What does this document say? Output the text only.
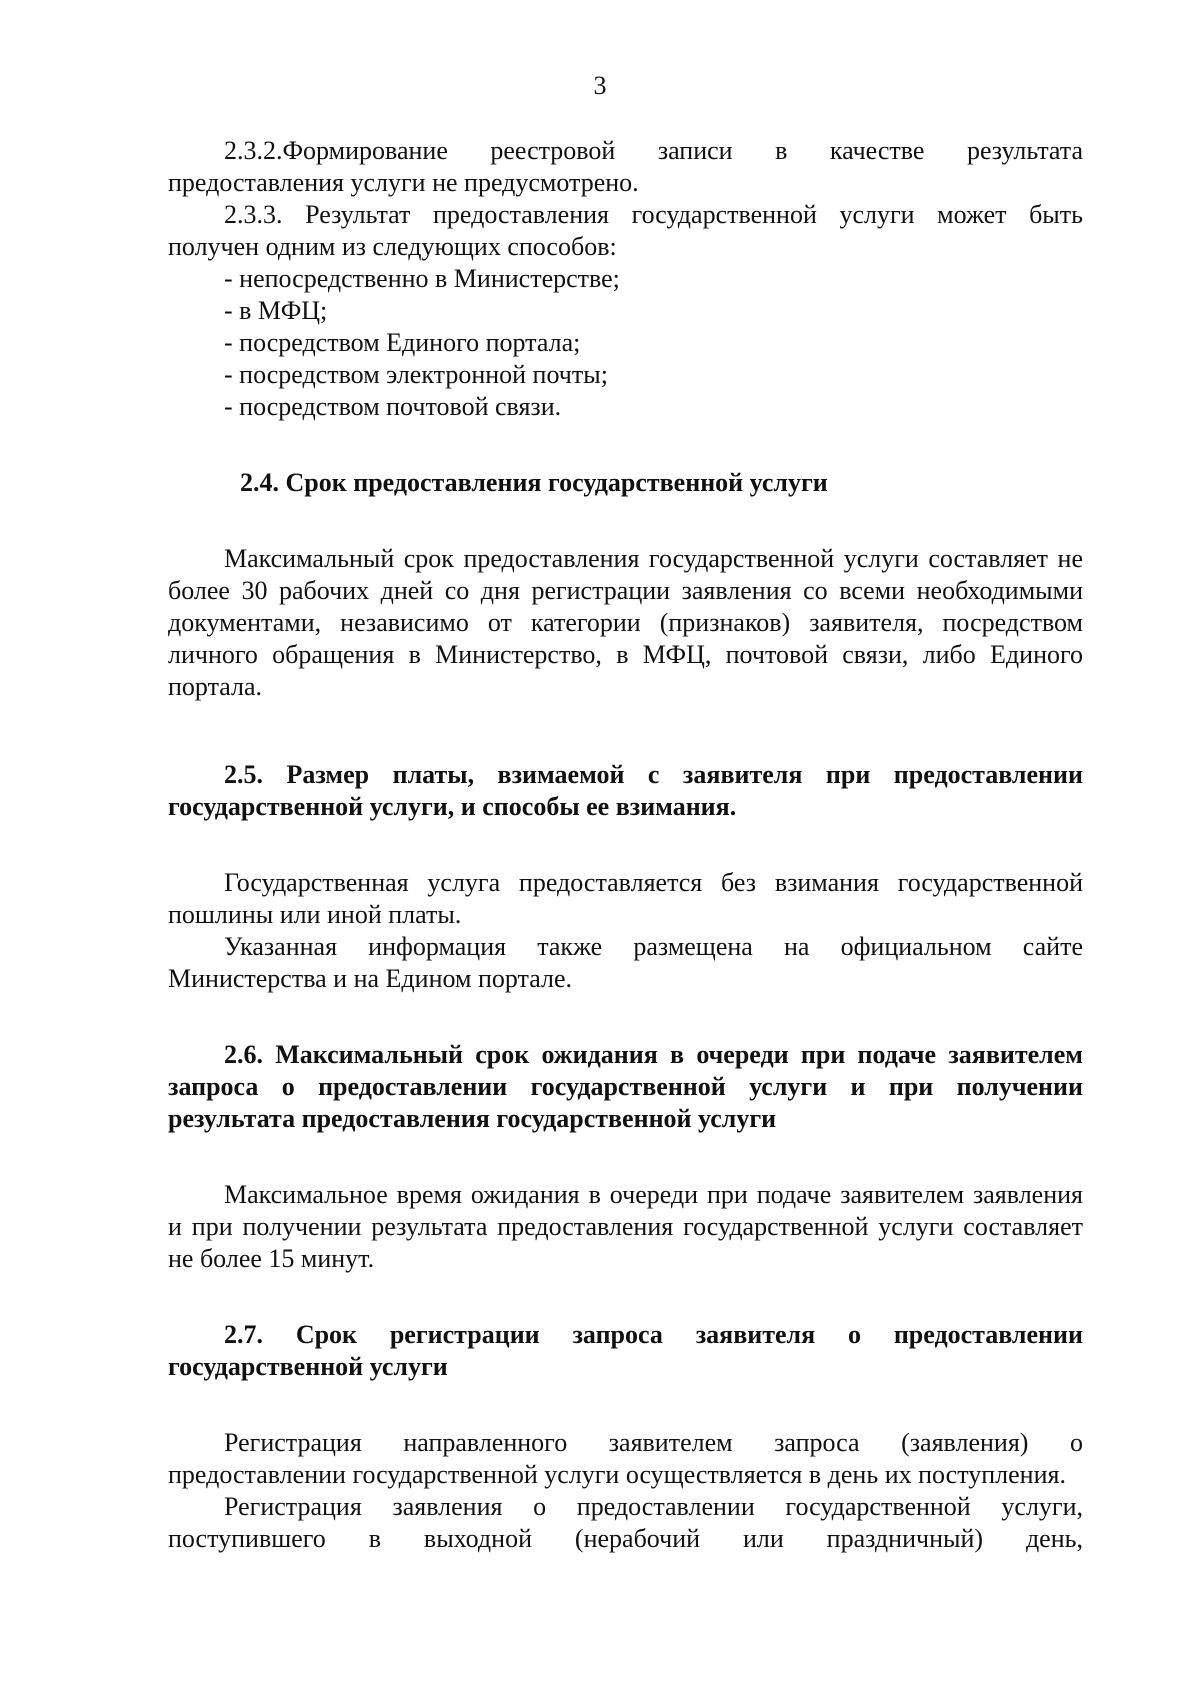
3

2.3.2.Формирование реестровой записи в качестве результата

предоставления услуги не предусмотрено.

2.3.3. Результат предоставления государственной услуги может быть получен одним из следующих способов:

- непосредственно в Министерстве;
- в МФЦ;
- посредством Единого портала;
- посредством электронной почты;
- посредством почтовой связи.
2.4. Срок предоставления государственной услуги

Максимальный срок предоставления государственной услуги составляет не более 30 рабочих дней со дня регистрации заявления со всеми необходимыми документами, независимо от категории (признаков) заявителя, посредством личного обращения в Министерство, в МФЦ, почтовой связи, либо Единого портала.

2.5. Размер платы, взимаемой с заявителя при предоставлении государственной услуги, и способы ее взимания.

Государственная услуга предоставляется без взимания государственной пошлины или иной платы.

Указанная информация также размещена на официальном сайте Министерства и на Едином портале.

2.6. Максимальный срок ожидания в очереди при подаче заявителем запроса о предоставлении государственной услуги и при получении результата предоставления государственной услуги

Максимальное время ожидания в очереди при подаче заявителем заявления и при получении результата предоставления государственной услуги составляет не более 15 минут.

2.7. Срок регистрации запроса заявителя о предоставлении государственной услуги

Регистрация направленного заявителем запроса (заявления) о предоставлении государственной услуги осуществляется в день их поступления.

Регистрация заявления о предоставлении государственной услуги, поступившего в выходной (нерабочий или праздничный) день,
